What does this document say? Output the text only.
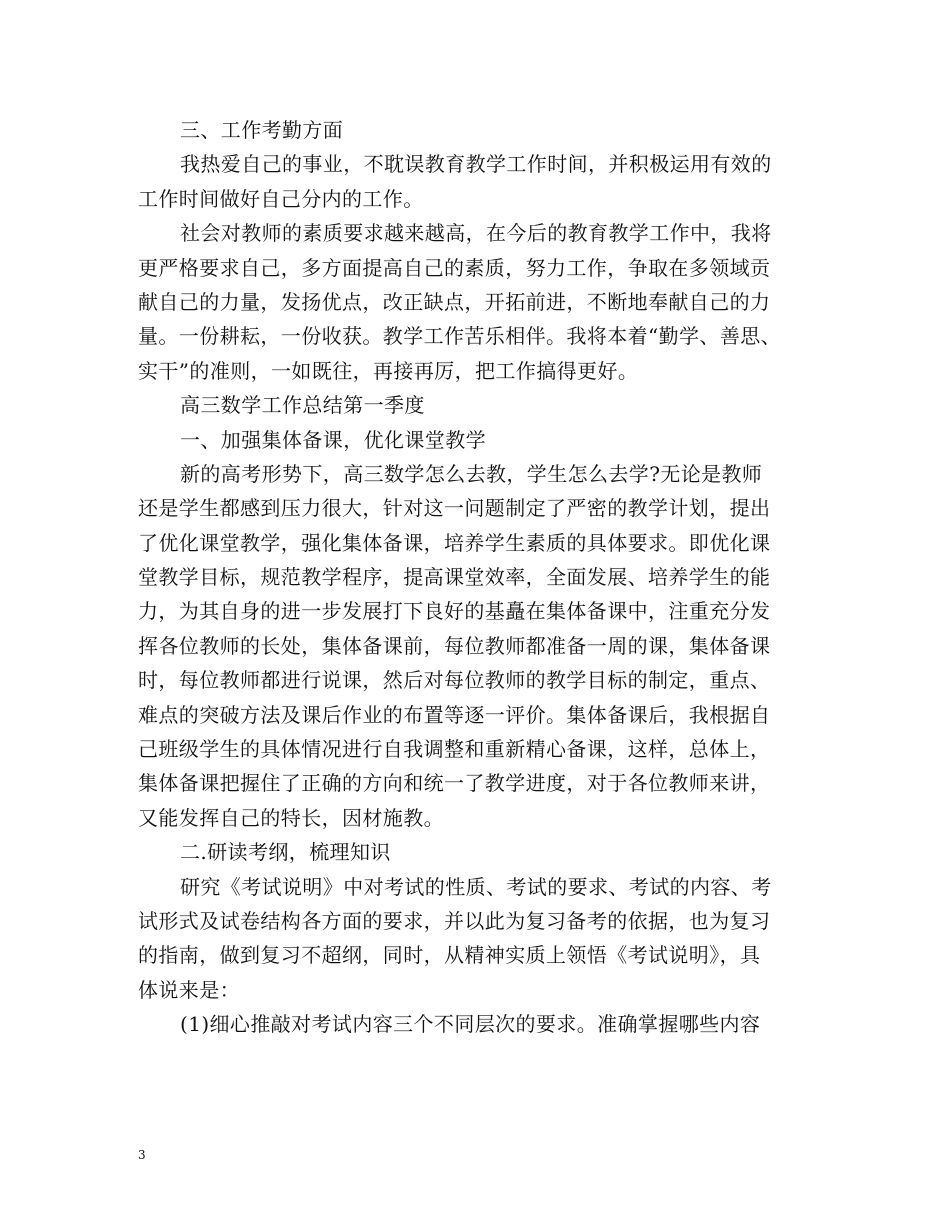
三、工作考勤方面
我热爱自己的事业，不耽误教育教学工作时间，并积极运用有效的
工作时间做好自己分内的工作。
社会对教师的素质要求越来越高，在今后的教育教学工作中，我将
更严格要求自己，多方面提高自己的素质，努力工作，争取在多领域贡
献自己的力量，发扬优点，改正缺点，开拓前进，不断地奉献自己的力
量。一份耕耘，一份收获。教学工作苦乐相伴。我将本着“勤学、善思、
实干”的准则，一如既往，再接再厉，把工作搞得更好。
高三数学工作总结第一季度
一、加强集体备课，优化课堂教学
新的高考形势下，高三数学怎么去教，学生怎么去学?无论是教师
还是学生都感到压力很大，针对这一问题制定了严密的教学计划，提出
了优化课堂教学，强化集体备课，培养学生素质的具体要求。即优化课
堂教学目标，规范教学程序，提高课堂效率，全面发展、培养学生的能
力，为其自身的进一步发展打下良好的基矗在集体备课中，注重充分发
挥各位教师的长处，集体备课前，每位教师都准备一周的课，集体备课
时，每位教师都进行说课，然后对每位教师的教学目标的制定，重点、
难点的突破方法及课后作业的布置等逐一评价。集体备课后，我根据自
己班级学生的具体情况进行自我调整和重新精心备课，这样，总体上，
集体备课把握住了正确的方向和统一了教学进度，对于各位教师来讲，
又能发挥自己的特长，因材施教。
二.研读考纲，梳理知识
研究《考试说明》中对考试的性质、考试的要求、考试的内容、考
试形式及试卷结构各方面的要求，并以此为复习备考的依据，也为复习
的指南，做到复习不超纲，同时，从精神实质上领悟《考试说明》，具
体说来是：
(1)细心推敲对考试内容三个不同层次的要求。准确掌握哪些内容
3
